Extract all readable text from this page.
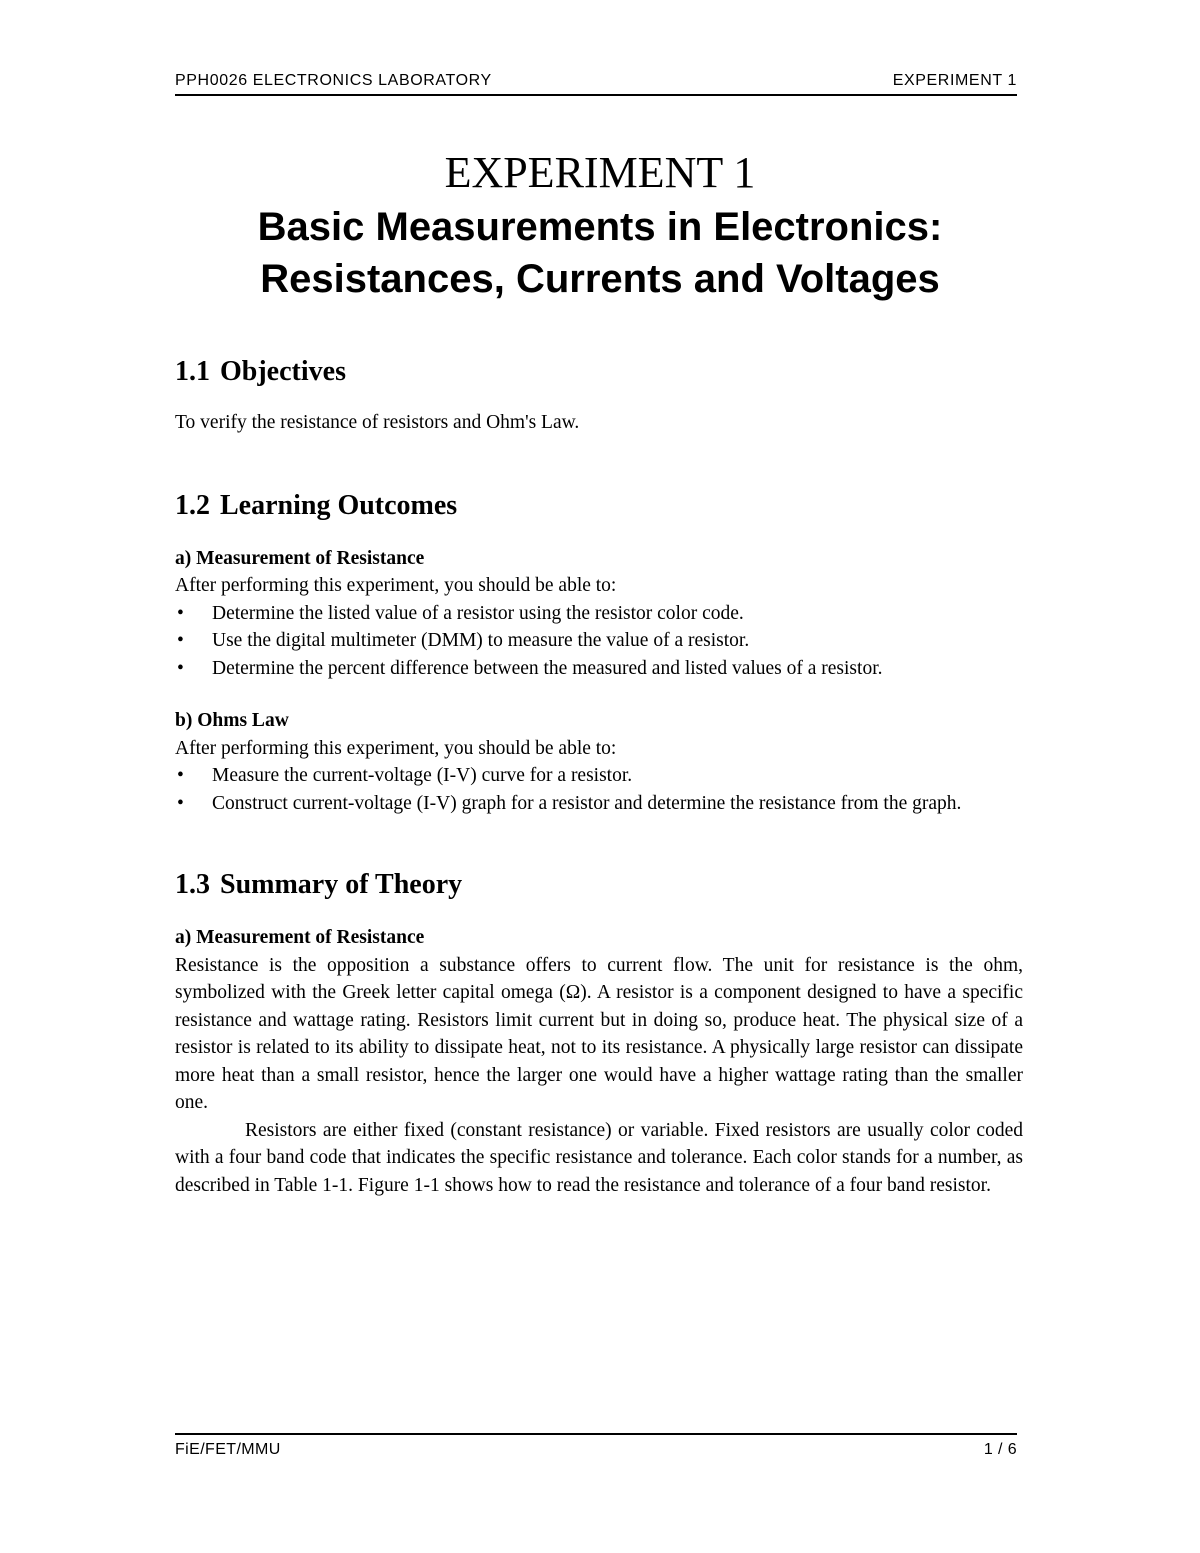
PPH0026 ELECTRONICS LABORATORY	EXPERIMENT 1
EXPERIMENT 1
Basic Measurements in Electronics:
Resistances, Currents and Voltages
1.1 Objectives

To verify the resistance of resistors and Ohm's Law.

1.2 Learning Outcomes

a) Measurement of Resistance

After performing this experiment, you should be able to:

• Determine the listed value of a resistor using the resistor color code.
• Use the digital multimeter (DMM) to measure the value of a resistor.
• Determine the percent difference between the measured and listed values of a resistor.

b) Ohms Law

After performing this experiment, you should be able to:

• Measure the current-voltage (I-V) curve for a resistor.
• Construct current-voltage (I-V) graph for a resistor and determine the resistance from the graph.
1.3 Summary of Theory

a) Measurement of Resistance

Resistance is the opposition a substance offers to current flow. The unit for resistance is the ohm, symbolized with the Greek letter capital omega (Ω). A resistor is a component designed to have a specific resistance and wattage rating. Resistors limit current but in doing so, produce heat. The physical size of a resistor is related to its ability to dissipate heat, not to its resistance. A physically large resistor can dissipate more heat than a small resistor, hence the larger one would have a higher wattage rating than the smaller one.

Resistors are either fixed (constant resistance) or variable. Fixed resistors are usually color coded with a four band code that indicates the specific resistance and tolerance. Each color stands for a number, as described in Table 1-1. Figure 1-1 shows how to read the resistance and tolerance of a four band resistor.

FiE/FET/MMU	1 / 6
